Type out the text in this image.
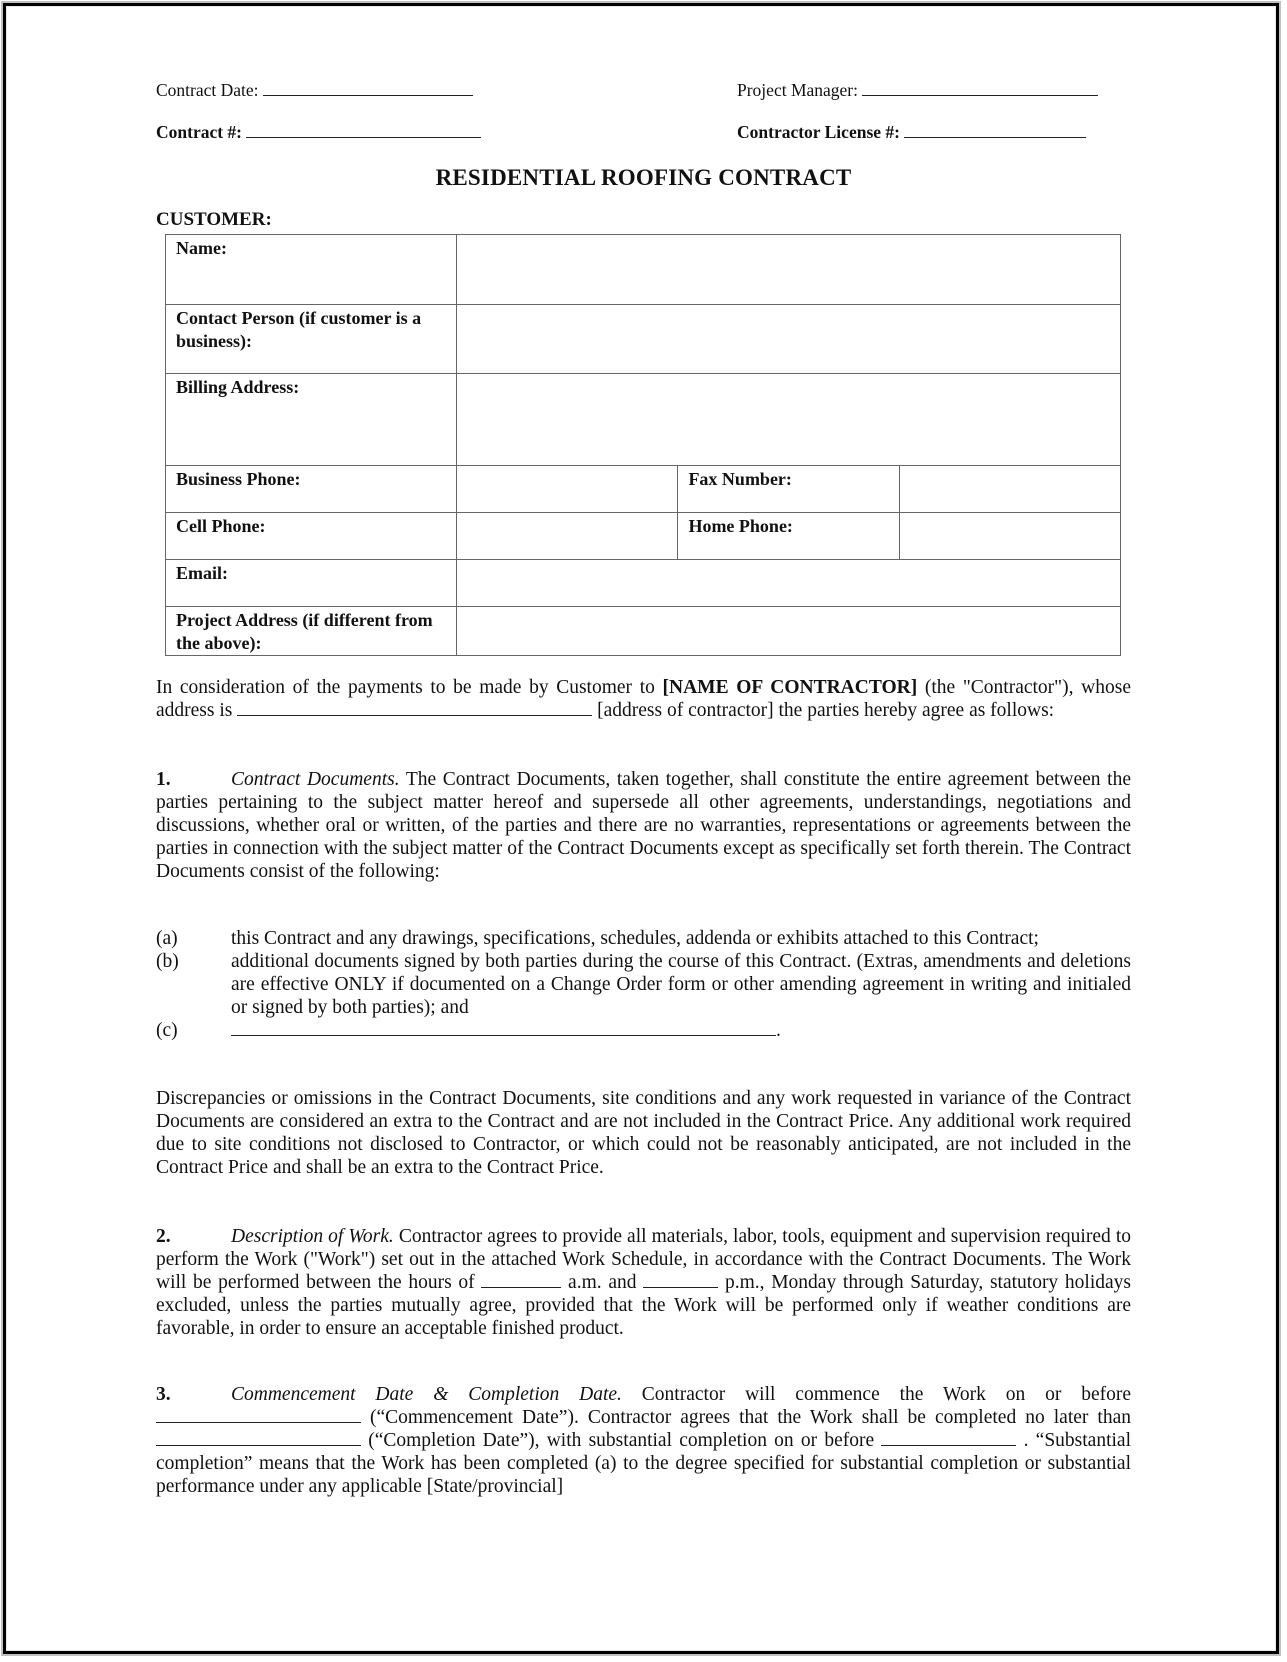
Contract Date:	Project Manager:
Contract #:	Contractor License #:
RESIDENTIAL ROOFING CONTRACT
CUSTOMER:
Name:			
Contact Person (if customer is a business):			
Billing Address:			
Business Phone:		Fax Number:	
Cell Phone:		Home Phone:	
Email:			
Project Address (if different from the above):			

In consideration of the payments to be made by Customer to [NAME OF CONTRACTOR] (the "Contractor"), whose address is	[address of contractor] the parties hereby agree as follows:

1.	Contract Documents. The Contract Documents, taken together, shall constitute the entire agreement between the parties pertaining to the subject matter hereof and supersede all other agreements, understandings, negotiations and discussions, whether oral or written, of the parties and there are no warranties, representations or agreements between the parties in connection with the subject matter of the Contract Documents except as specifically set forth therein. The Contract Documents consist of the following:

(a)	this Contract and any drawings, specifications, schedules, addenda or exhibits attached to this Contract;
(b)	additional documents signed by both parties during the course of this Contract. (Extras, amendments and deletions are effective ONLY if documented on a Change Order form or other amending agreement in writing and initialed or signed by both parties); and
(c)	.

Discrepancies or omissions in the Contract Documents, site conditions and any work requested in variance of the Contract Documents are considered an extra to the Contract and are not included in the Contract Price. Any additional work required due to site conditions not disclosed to Contractor, or which could not be reasonably anticipated, are not included in the Contract Price and shall be an extra to the Contract Price.

2.	Description of Work. Contractor agrees to provide all materials, labor, tools, equipment and supervision required to perform the Work ("Work") set out in the attached Work Schedule, in accordance with the Contract Documents. The Work will be performed between the hours of	a.m. and	p.m., Monday through Saturday, statutory holidays excluded, unless the parties mutually agree, provided that the Work will be performed only if weather conditions are favorable, in order to ensure an acceptable finished product.

3.	Commencement Date & Completion Date. Contractor will commence the Work on or before  (“Commencement Date”). Contractor agrees that the Work shall be completed no later than  (“Completion Date”), with substantial completion on or before	. “Substantial completion” means that the Work has been completed (a) to the degree specified for substantial completion or substantial performance under any applicable [State/provincial]
